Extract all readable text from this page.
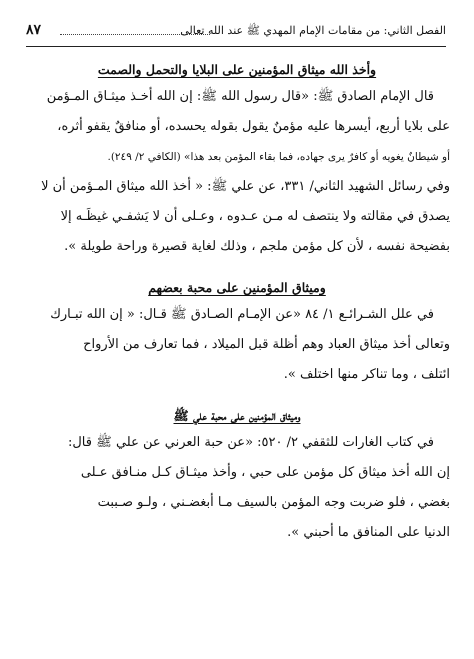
الفصل الثاني: من مقامات الإمام المهدي ﷺ عند الله تعالى
٨٧
وأخذ الله ميثاق المؤمنين على البلايا والتحمل والصمت

قال الإمام الصادق ﷺ: «قال رسول الله ﷺ: إن الله أخـذ ميثـاق المـؤمن
على بلايا أربع، أيسرها عليه مؤمنٌ يقول بقوله يحسده، أو منافقٌ يقفو أثره،
أو شيطانٌ يغويه أو كافرٌ يرى جهاده، فما بقاء المؤمن بعد هذا» (الكافي ٢/ ٢٤٩).

وفي رسائل الشهيد الثاني/ ٣٣١، عن علي ﷺ: « أخذ الله ميثاق المـؤمن أن لا
يصدق في مقالته ولا ينتصف له مـن عـدوه ، وعـلى أن لا يَشفـي غيظَـه إلا
بفضيحة نفسه ، لأن كل مؤمن ملجم ، وذلك لغاية قصيرة وراحة طويلة ».

وميثاق المؤمنين على محبة بعضهم

في علل الشـرائـع ١/ ٨٤ «عن الإمـام الصـادق ﷺ قـال: « إن الله تبـارك
وتعالى أخذ ميثاق العباد وهم أظلة قبل الميلاد ، فما تعارف من الأرواح
ائتلف ، وما تناكر منها اختلف ».

وميثاق المؤمنين على محبة علي ﷺ

في كتاب الغارات للثقفي ٢/ ٥٢٠: «عن حبة العرني عن علي ﷺ قال:
إن الله أخذ ميثاق كل مؤمن على حبي ، وأخذ ميثـاق كـل منـافق عـلى
بغضي ، فلو ضربت وجه المؤمن بالسيف مـا أبغضـني ، ولـو صـببت
الدنيا على المنافق ما أحبني ».
